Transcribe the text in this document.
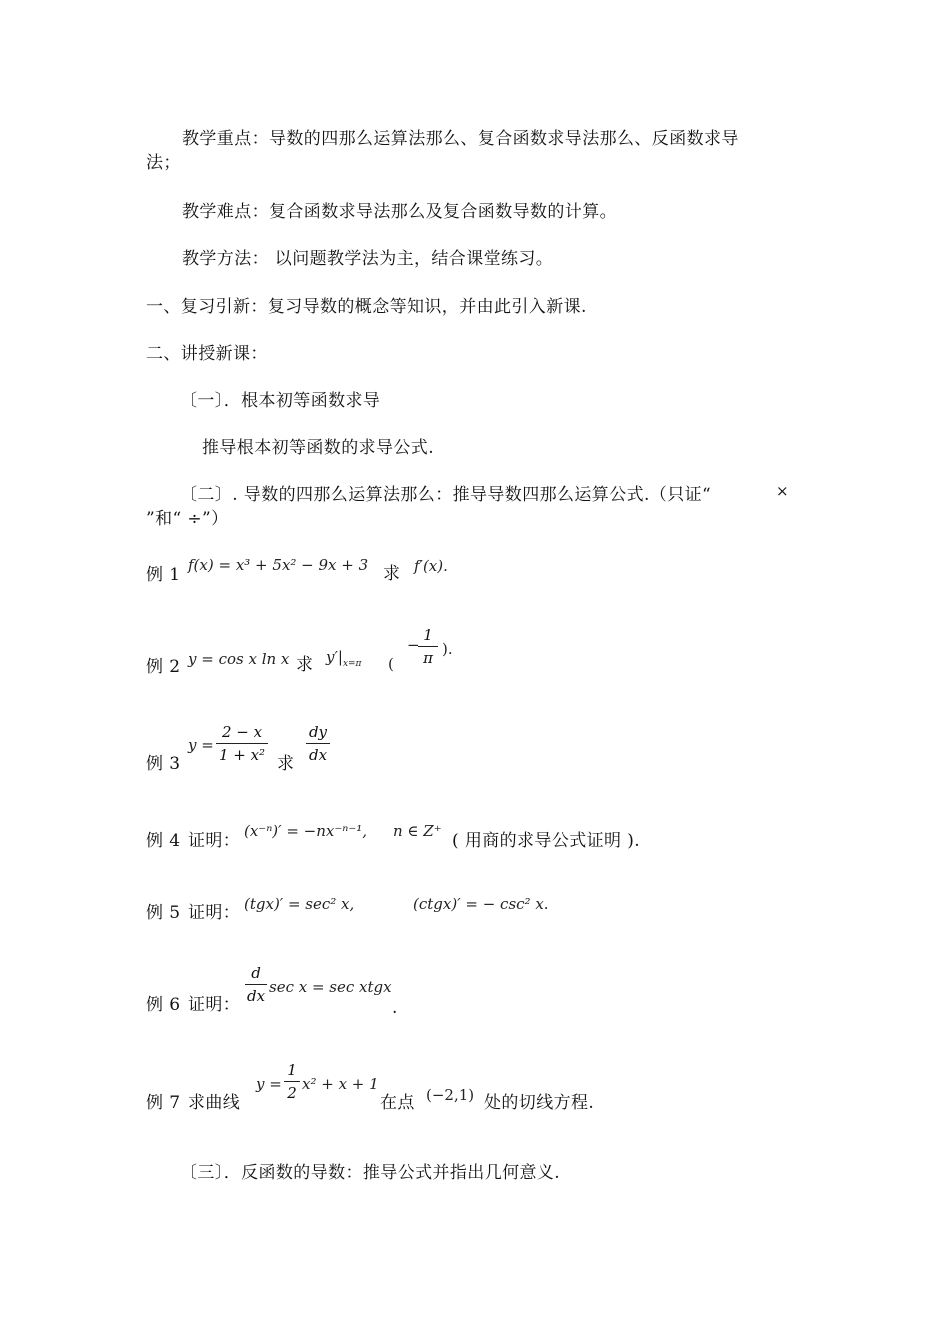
教学重点：导数的四那么运算法那么、复合函数求导法那么、反函数求导
法；
教学难点：复合函数求导法那么及复合函数导数的计算。
教学方法： 以问题教学法为主，结合课堂练习。
一、复习引新：复习导数的概念等知识，并由此引入新课.
二、讲授新课：
〔一〕．根本初等函数求导
推导根本初等函数的求导公式.
〔二〕. 导数的四那么运算法那么：推导导数四那么运算公式.（只证“	×
”和“ ÷”）
例 1 f(x) = x³ + 5x² − 9x + 3 求 f′(x).
例 2 y = cos x ln x 求 $y'|_{x=\pi}$ (
−
1
π ).
例 3
y =
2 − x
1 + x² 求
dy
dx
例 4 证明： (x⁻ⁿ)′ = −nx⁻ⁿ⁻¹, n ∈ Z⁺ ( 用商的求导公式证明 ).
例 5 证明： (tgx)′ = sec² x,	(ctgx)′ = − csc² x.
例 6 证明：
d
dx sec x = sec xtgx
.
例 7 求曲线
y =
1
2 x² + x + 1
在点 (−2,1) 处的切线方程.
〔三〕．反函数的导数：推导公式并指出几何意义.
